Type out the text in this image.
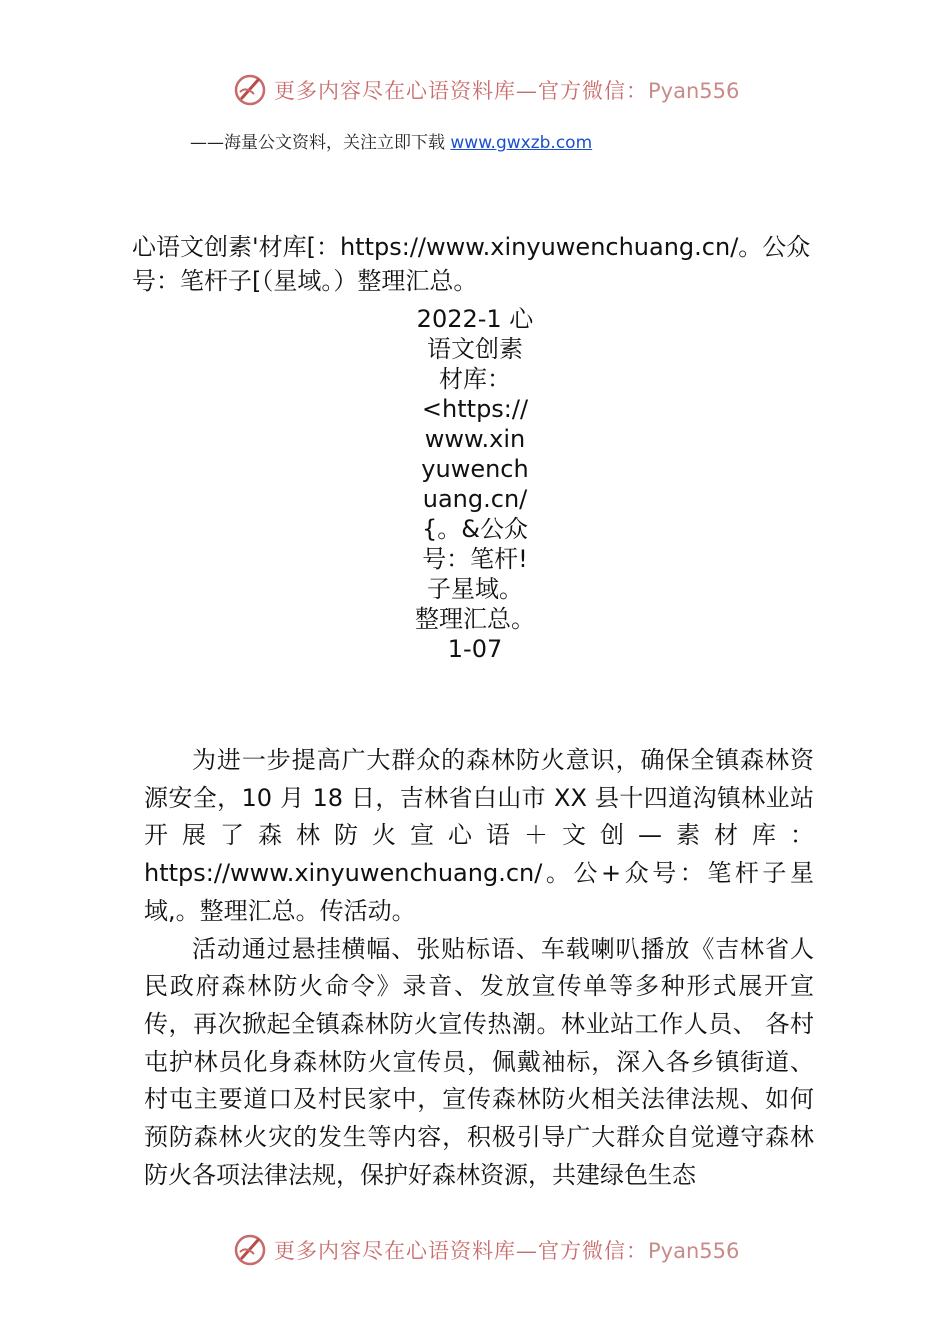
更多内容尽在心语资料库—官方微信：Pyan556
——海量公文资料，关注立即下载 www.gwxzb.com
心语文创素'材库[：https://www.xinyuwenchuang.cn/。公众号：笔杆子[（星域。）整理汇总。
2022-1 心
语文创素
材库：
<https://
www.xin
yuwench
uang.cn/
{。&公众
号：笔杆!
子星域。
整理汇总。
1-07

为进一步提高广大群众的森林防火意识，确保全镇森林资源安全，10 月 18 日，吉林省白山市 XX 县十四道沟镇林业站开展了森林防火宣心语＋文创—素材库：https://www.xinyuwenchuang.cn/。公+众号：笔杆子星域,。整理汇总。传活动。

活动通过悬挂横幅、张贴标语、车载喇叭播放《吉林省人民政府森林防火命令》录音、发放宣传单等多种形式展开宣传，再次掀起全镇森林防火宣传热潮。林业站工作人员、 各村屯护林员化身森林防火宣传员，佩戴袖标，深入各乡镇街道、村屯主要道口及村民家中，宣传森林防火相关法律法规、如何预防森林火灾的发生等内容，积极引导广大群众自觉遵守森林防火各项法律法规，保护好森林资源，共建绿色生态

更多内容尽在心语资料库—官方微信：Pyan556
